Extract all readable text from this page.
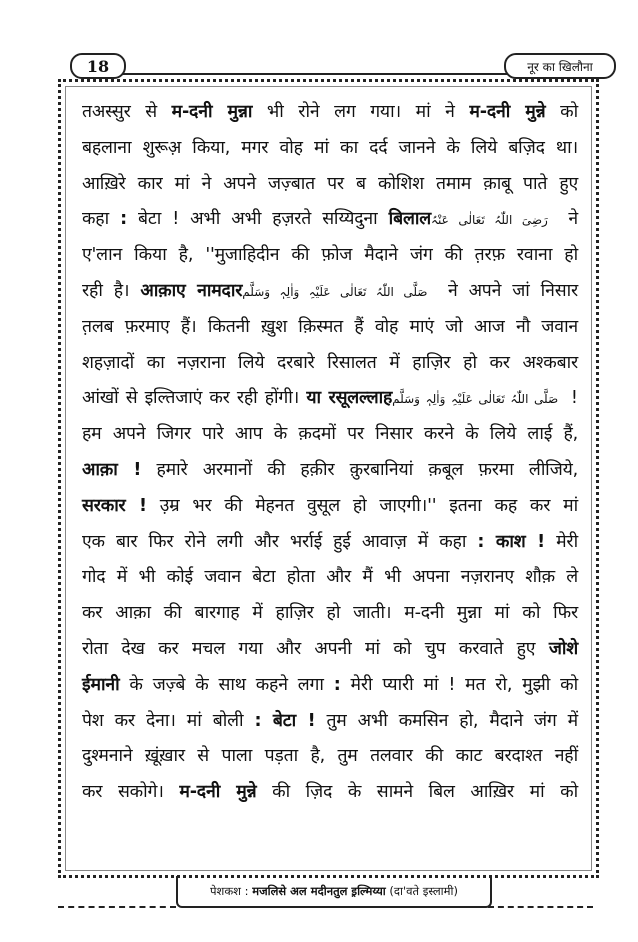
18	नूर का खिलौना
तअस्सुर से म-दनी मुन्ना भी रोने लग गया। मां ने म-दनी मुन्ने को
बहलाना शुरूअ़ किया, मगर वोह मां का दर्द जानने के लिये बज़िद था।
आख़िरे कार मां ने अपने जज़्बात पर ब कोशिश तमाम क़ाबू पाते हुए
कहा : बेटा ! अभी अभी हज़रते सय्यिदुना बिलाल رَضِیَ اللّٰہُ تَعَالٰی عَنْہُ ने
ए'लान किया है, ''मुजाहिदीन की फ़ोज मैदाने जंग की त़रफ़ रवाना हो
रही है। आक़ाए नामदार صَلَّی اللّٰہُ تَعَالٰی عَلَیْہِ وَاٰلِہٖ وَسَلَّم ने अपने जां निसार
त़लब फ़रमाए हैं। कितनी ख़ुश क़िस्मत हैं वोह माएं जो आज नौ जवान
शहज़ादों का नज़राना लिये दरबारे रिसालत में हाज़िर हो कर अश्कबार
आंखों से इल्तिजाएं कर रही होंगी। या रसूलल्लाह صَلَّی اللّٰہُ تَعَالٰی عَلَیْہِ وَاٰلِہٖ وَسَلَّم !
हम अपने जिगर पारे आप के क़दमों पर निसार करने के लिये लाई हैं,
आक़ा ! हमारे अरमानों की हक़ीर क़ुरबानियां क़बूल फ़रमा लीजिये,
सरकार ! उ़म्र भर की मेहनत वुसूल हो जाएगी।'' इतना कह कर मां
एक बार फिर रोने लगी और भर्राई हुई आवाज़ में कहा : काश ! मेरी
गोद में भी कोई जवान बेटा होता और मैं भी अपना नज़रानए शौक़ ले
कर आक़ा की बारगाह में हाज़िर हो जाती। म-दनी मुन्ना मां को फिर
रोता देख कर मचल गया और अपनी मां को चुप करवाते हुए जोशे
ईमानी के जज़्बे के साथ कहने लगा : मेरी प्यारी मां ! मत रो, मुझी को
पेश कर देना। मां बोली : बेटा ! तुम अभी कमसिन हो, मैदाने जंग में
दुश्मनाने ख़ूंख़ार से पाला पड़ता है, तुम तलवार की काट बरदाश्त नहीं
कर सकोगे। म-दनी मुन्ने की ज़िद के सामने बिल आख़िर मां को
पेशकश :
मजलिसे अल मदीनतुल इ़ल्मिय्या
(दा'वते इस्लामी)
